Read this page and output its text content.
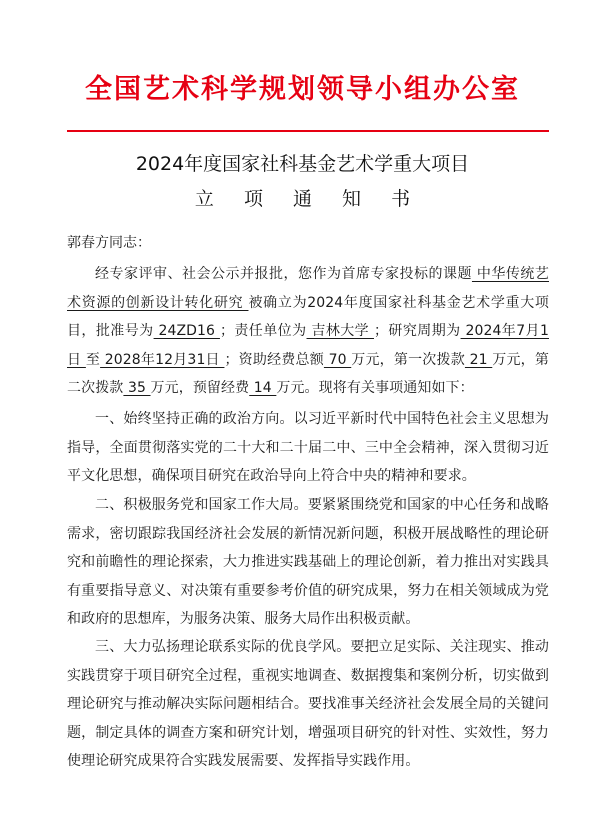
全国艺术科学规划领导小组办公室
2024年度国家社科基金艺术学重大项目
立 项 通 知 书
郭春方同志：
经专家评审、社会公示并报批，您作为首席专家投标的课题 中华传统艺术资源的创新设计转化研究 被确立为2024年度国家社科基金艺术学重大项目，批准号为 24ZD16 ；责任单位为 吉林大学 ；研究周期为 2024年7月1日 至 2028年12月31日 ；资助经费总额 70 万元，第一次拨款 21 万元，第二次拨款 35 万元，预留经费 14 万元。现将有关事项通知如下：
一、始终坚持正确的政治方向。以习近平新时代中国特色社会主义思想为指导，全面贯彻落实党的二十大和二十届二中、三中全会精神，深入贯彻习近平文化思想，确保项目研究在政治导向上符合中央的精神和要求。
二、积极服务党和国家工作大局。要紧紧围绕党和国家的中心任务和战略需求，密切跟踪我国经济社会发展的新情况新问题，积极开展战略性的理论研究和前瞻性的理论探索，大力推进实践基础上的理论创新，着力推出对实践具有重要指导意义、对决策有重要参考价值的研究成果，努力在相关领域成为党和政府的思想库，为服务决策、服务大局作出积极贡献。
三、大力弘扬理论联系实际的优良学风。要把立足实际、关注现实、推动实践贯穿于项目研究全过程，重视实地调查、数据搜集和案例分析，切实做到理论研究与推动解决实际问题相结合。要找准事关经济社会发展全局的关键问题，制定具体的调查方案和研究计划，增强项目研究的针对性、实效性，努力使理论研究成果符合实践发展需要、发挥指导实践作用。
